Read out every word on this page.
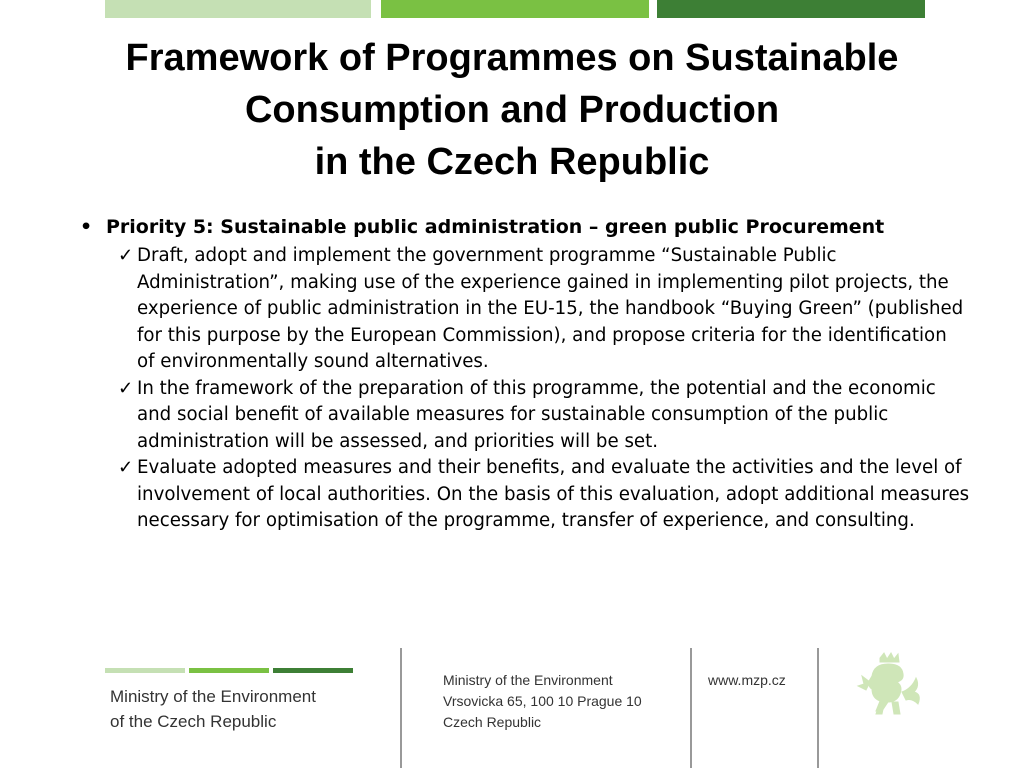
Framework of Programmes on Sustainable
Consumption and Production
in the Czech Republic
• Priority 5: Sustainable public administration – green public Procurement
✓ Draft, adopt and implement the government programme “Sustainable Public Administration”, making use of the experience gained in implementing pilot projects, the experience of public administration in the EU-15, the handbook “Buying Green” (published for this purpose by the European Commission), and propose criteria for the identification of environmentally sound alternatives.
✓ In the framework of the preparation of this programme, the potential and the economic and social benefit of available measures for sustainable consumption of the public administration will be assessed, and priorities will be set.
✓ Evaluate adopted measures and their benefits, and evaluate the activities and the level of involvement of local authorities. On the basis of this evaluation, adopt additional measures necessary for optimisation of the programme, transfer of experience, and consulting.
Ministry of the Environment
of the Czech Republic
Ministry of the Environment
Vrsovicka 65, 100 10 Prague 10
Czech Republic
www.mzp.cz
